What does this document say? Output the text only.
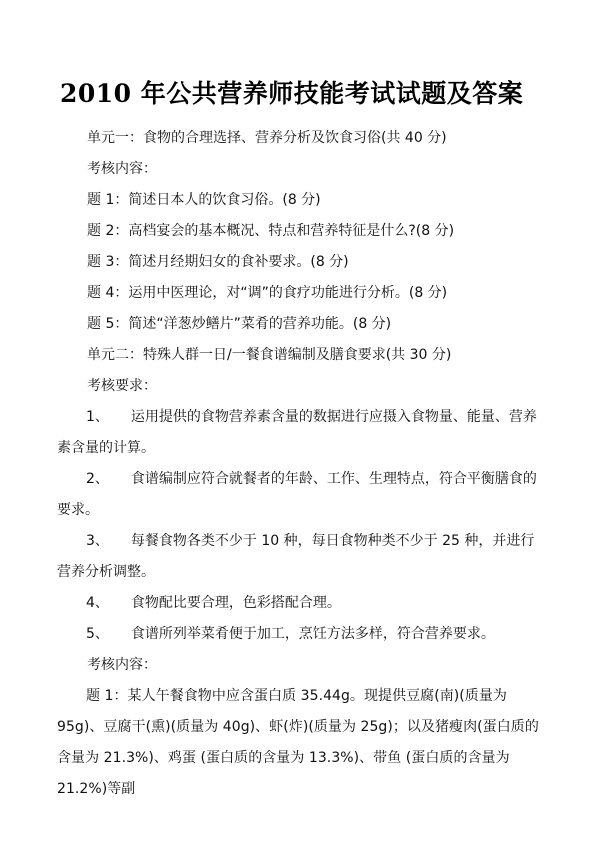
2010 年公共营养师技能考试试题及答案

单元一：食物的合理选择、营养分析及饮食习俗(共 40 分)

考核内容：

题 1：简述日本人的饮食习俗。(8 分)

题 2：高档宴会的基本概况、特点和营养特征是什么?(8 分)

题 3：简述月经期妇女的食补要求。(8 分)

题 4：运用中医理论，对“调”的食疗功能进行分析。(8 分)

题 5：简述“洋葱炒鳝片”菜肴的营养功能。(8 分)

单元二：特殊人群一日/一餐食谱编制及膳食要求(共 30 分)

考核要求：

1、 运用提供的食物营养素含量的数据进行应摄入食物量、能量、营养素含量的计算。

2、 食谱编制应符合就餐者的年龄、工作、生理特点，符合平衡膳食的要求。

3、 每餐食物各类不少于 10 种，每日食物种类不少于 25 种，并进行营养分析调整。

4、 食物配比要合理，色彩搭配合理。

5、 食谱所列举菜肴便于加工，烹饪方法多样，符合营养要求。

考核内容：

题 1：某人午餐食物中应含蛋白质 35.44g。现提供豆腐(南)(质量为 95g)、豆腐干(熏)(质量为 40g)、虾(炸)(质量为 25g)；以及猪瘦肉(蛋白质的含量为 21.3%)、鸡蛋 (蛋白质的含量为 13.3%)、带鱼 (蛋白质的含量为 21.2%)等副
